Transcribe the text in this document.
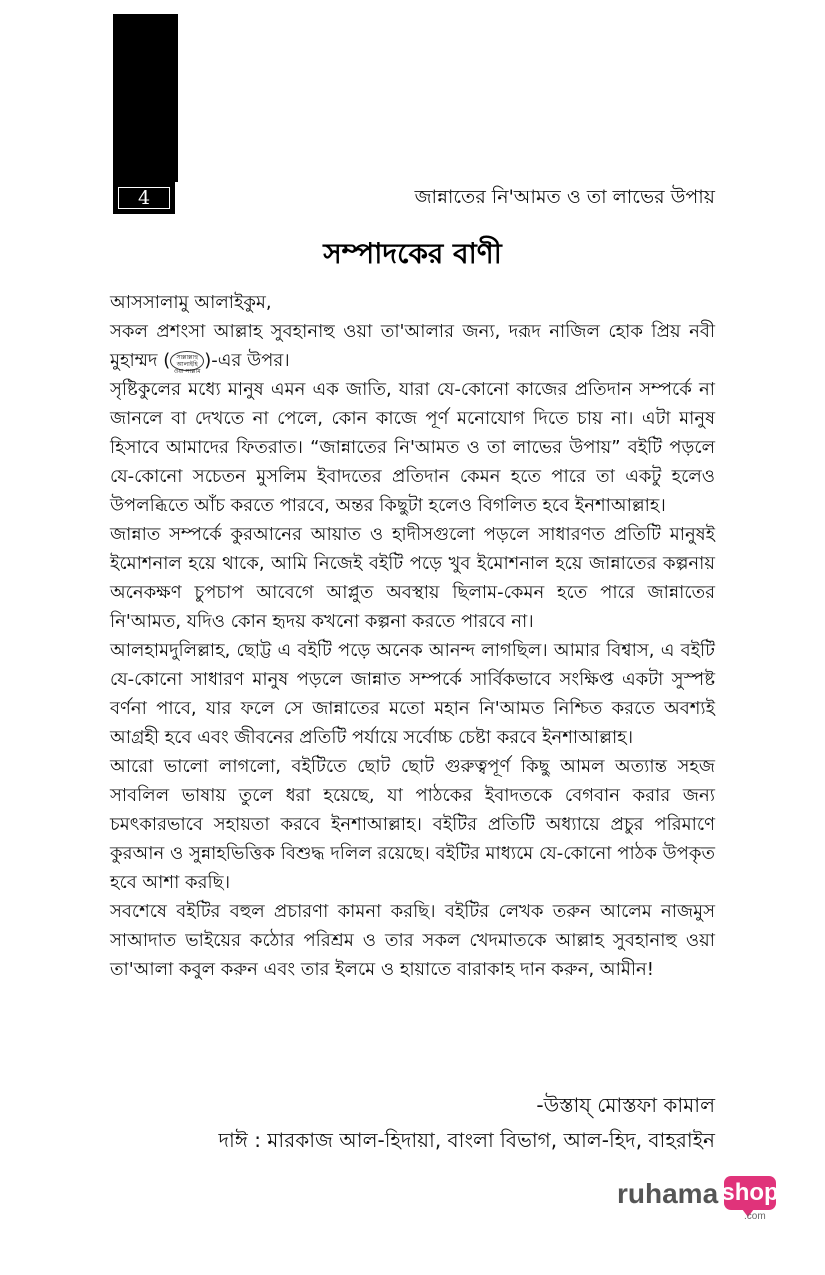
4	জান্নাতের নি'আমত ও তা লাভের উপায়
সম্পাদকের বাণী

আসসালামু আলাইকুম,

সকল প্রশংসা আল্লাহ সুবহানাহু ওয়া তা'আলার জন্য, দরূদ নাজিল হোক প্রিয় নবী মুহাম্মদ ( সাল্লাল্লাহু আলাইহি ওয়া সাল্লাম)-এর উপর।

সৃষ্টিকুলের মধ্যে মানুষ এমন এক জাতি, যারা যে-কোনো কাজের প্রতিদান সম্পর্কে না জানলে বা দেখতে না পেলে, কোন কাজে পূর্ণ মনোযোগ দিতে চায় না। এটা মানুষ হিসাবে আমাদের ফিতরাত। “জান্নাতের নি'আমত ও তা লাভের উপায়” বইটি পড়লে যে-কোনো সচেতন মুসলিম ইবাদতের প্রতিদান কেমন হতে পারে তা একটু হলেও উপলব্ধিতে আঁচ করতে পারবে, অন্তর কিছুটা হলেও বিগলিত হবে ইনশাআল্লাহ।

জান্নাত সম্পর্কে কুরআনের আয়াত ও হাদীসগুলো পড়লে সাধারণত প্রতিটি মানুষই ইমোশনাল হয়ে থাকে, আমি নিজেই বইটি পড়ে খুব ইমোশনাল হয়ে জান্নাতের কল্পনায় অনেকক্ষণ চুপচাপ আবেগে আপ্লুত অবস্থায় ছিলাম-কেমন হতে পারে জান্নাতের নি'আমত, যদিও কোন হৃদয় কখনো কল্পনা করতে পারবে না।

আলহামদুলিল্লাহ, ছোট্ট এ বইটি পড়ে অনেক আনন্দ লাগছিল। আমার বিশ্বাস, এ বইটি যে-কোনো সাধারণ মানুষ পড়লে জান্নাত সম্পর্কে সার্বিকভাবে সংক্ষিপ্ত একটা সুস্পষ্ট বর্ণনা পাবে, যার ফলে সে জান্নাতের মতো মহান নি'আমত নিশ্চিত করতে অবশ্যই আগ্রহী হবে এবং জীবনের প্রতিটি পর্যায়ে সর্বোচ্চ চেষ্টা করবে ইনশাআল্লাহ।

আরো ভালো লাগলো, বইটিতে ছোট ছোট গুরুত্বপূর্ণ কিছু আমল অত্যান্ত সহজ সাবলিল ভাষায় তুলে ধরা হয়েছে, যা পাঠকের ইবাদতকে বেগবান করার জন্য চমৎকারভাবে সহায়তা করবে ইনশাআল্লাহ। বইটির প্রতিটি অধ্যায়ে প্রচুর পরিমাণে কুরআন ও সুন্নাহভিত্তিক বিশুদ্ধ দলিল রয়েছে। বইটির মাধ্যমে যে-কোনো পাঠক উপকৃত হবে আশা করছি।

সবশেষে বইটির বহুল প্রচারণা কামনা করছি। বইটির লেখক তরুন আলেম নাজমুস সাআদাত ভাইয়ের কঠোর পরিশ্রম ও তার সকল খেদমাতকে আল্লাহ সুবহানাহু ওয়া তা'আলা কবুল করুন এবং তার ইলমে ও হায়াতে বারাকাহ দান করুন, আমীন!

-উস্তায্ মোস্তফা কামাল
দাঈ : মারকাজ আল-হিদায়া, বাংলা বিভাগ, আল-হিদ, বাহরাইন
ruhama shop
.com
